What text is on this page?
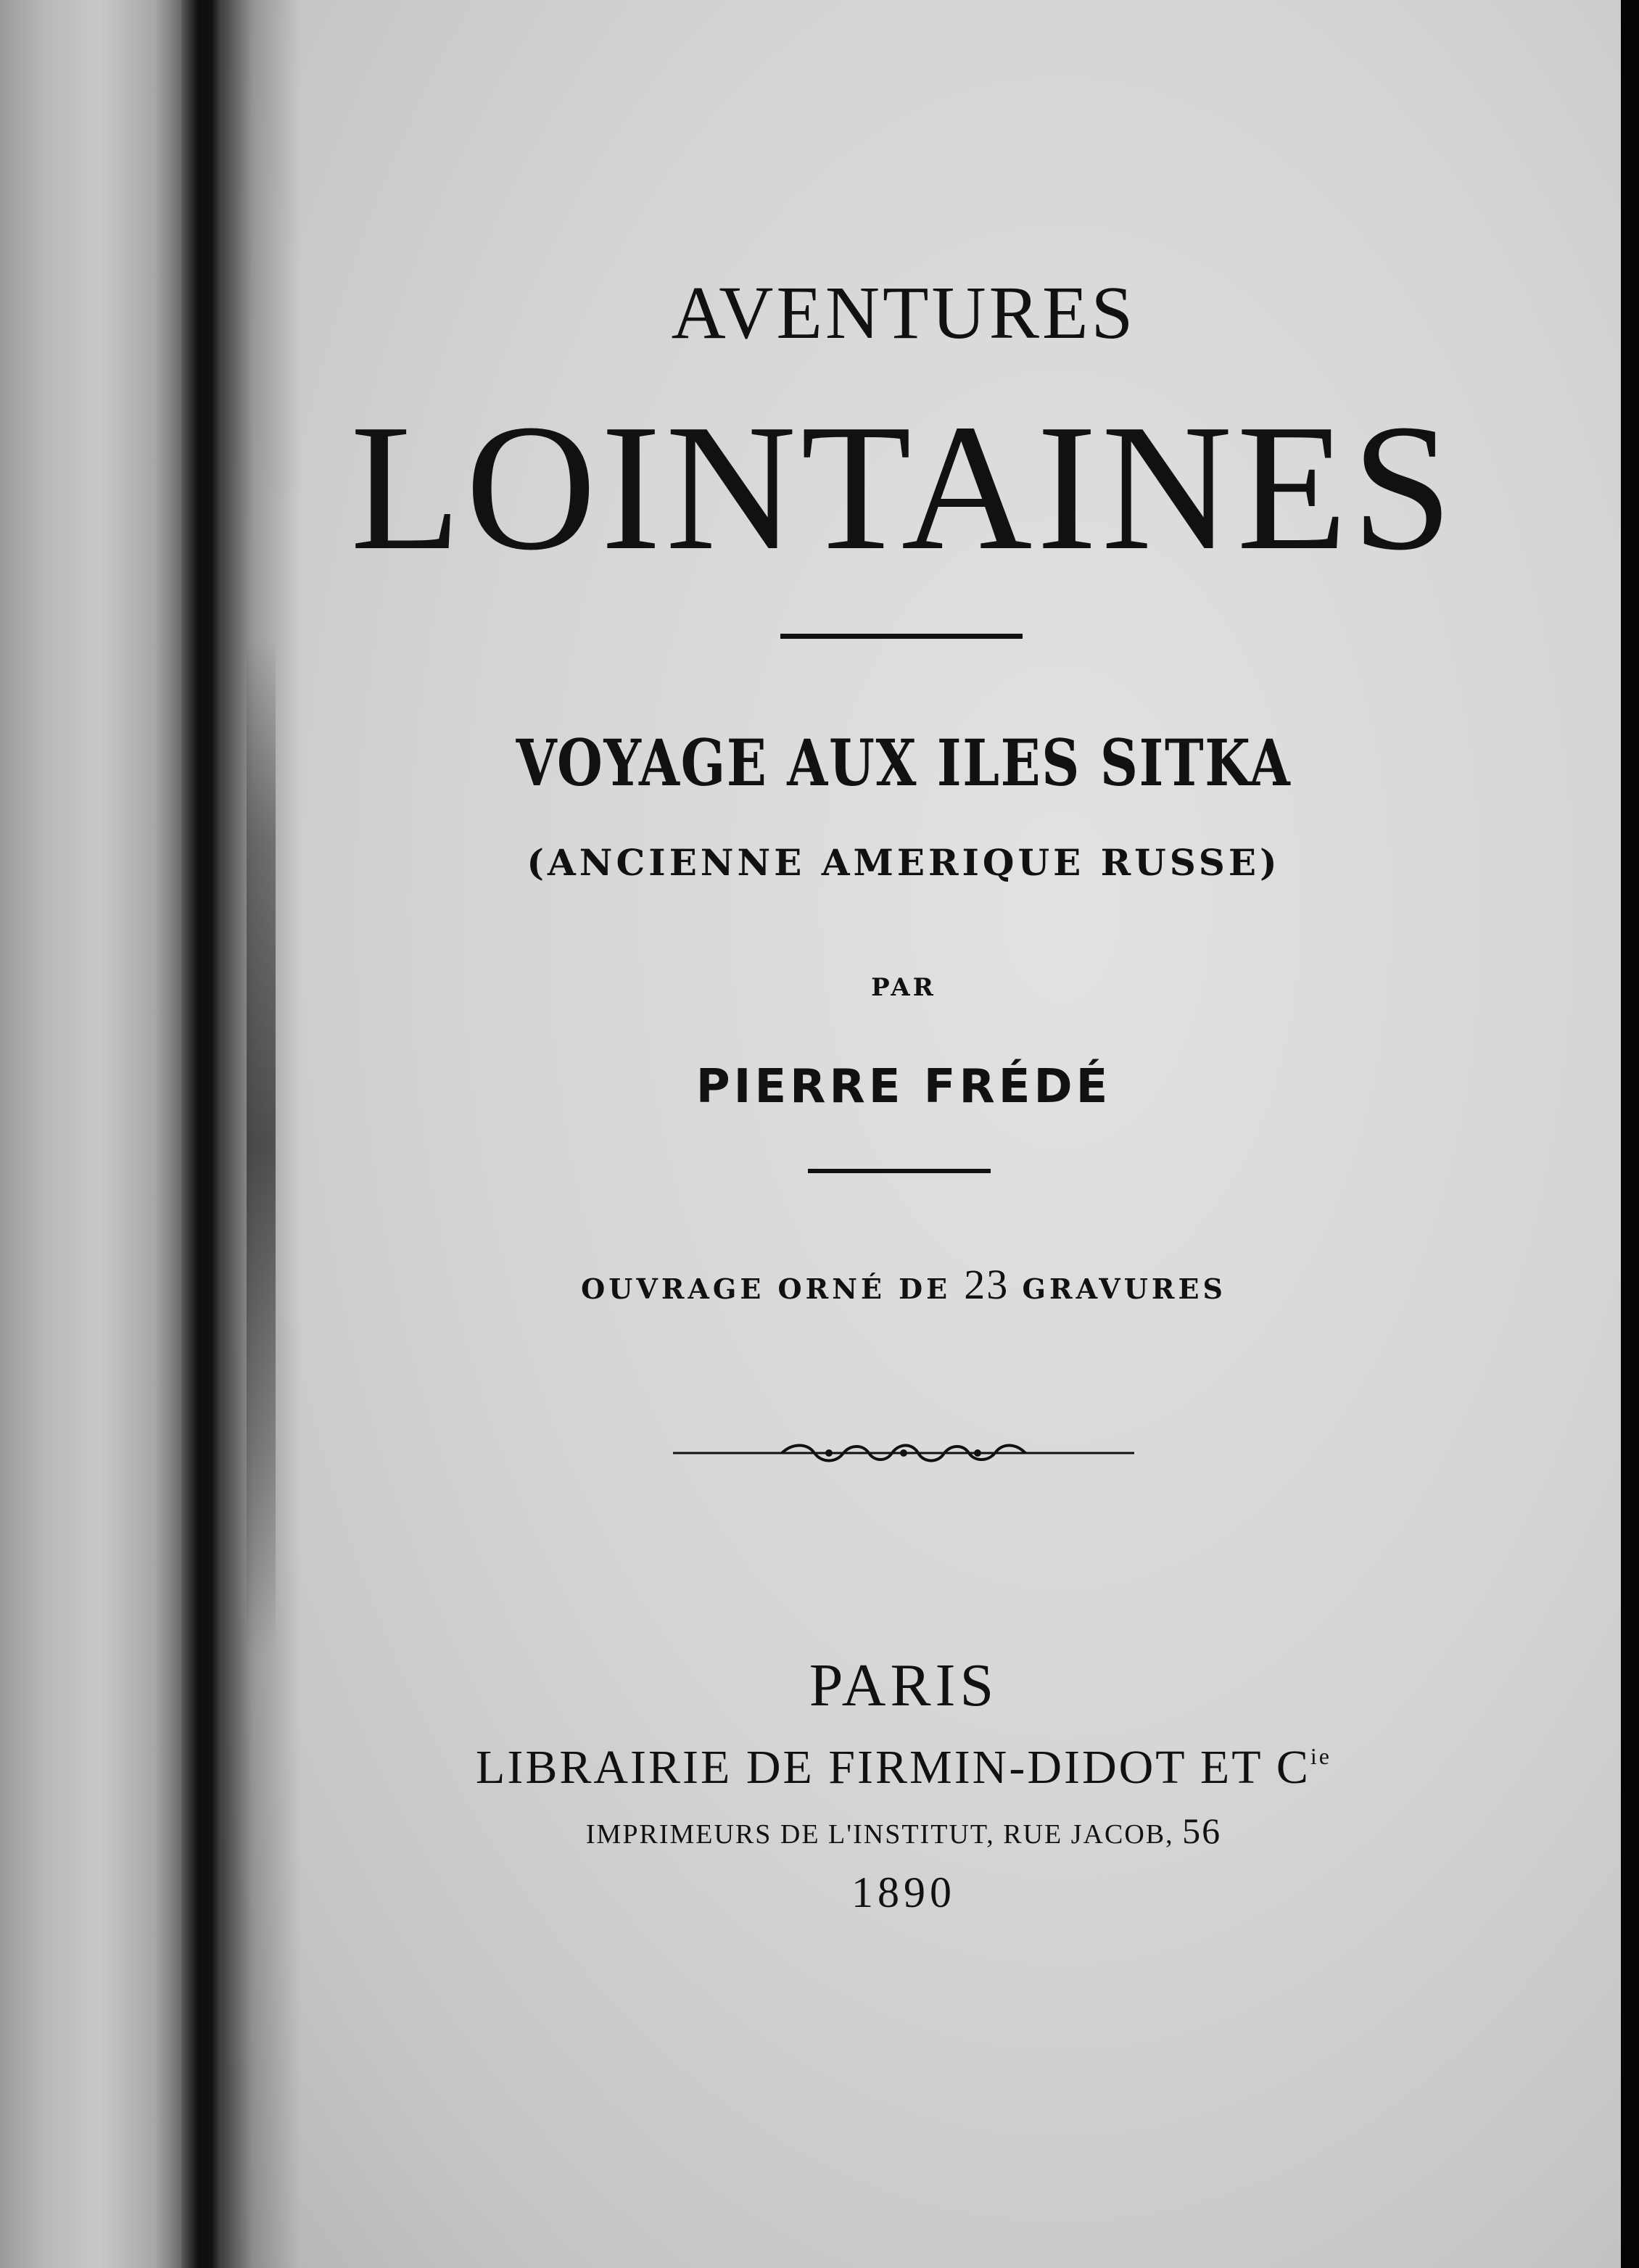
AVENTURES
LOINTAINES
VOYAGE AUX ILES SITKA
(ANCIENNE AMERIQUE RUSSE)
PAR
PIERRE FRÉDÉ
OUVRAGE ORNÉ DE 23 GRAVURES
PARIS
LIBRAIRIE DE FIRMIN-DIDOT ET $C^{ie}$
IMPRIMEURS DE L'INSTITUT, RUE JACOB, 56
1890
